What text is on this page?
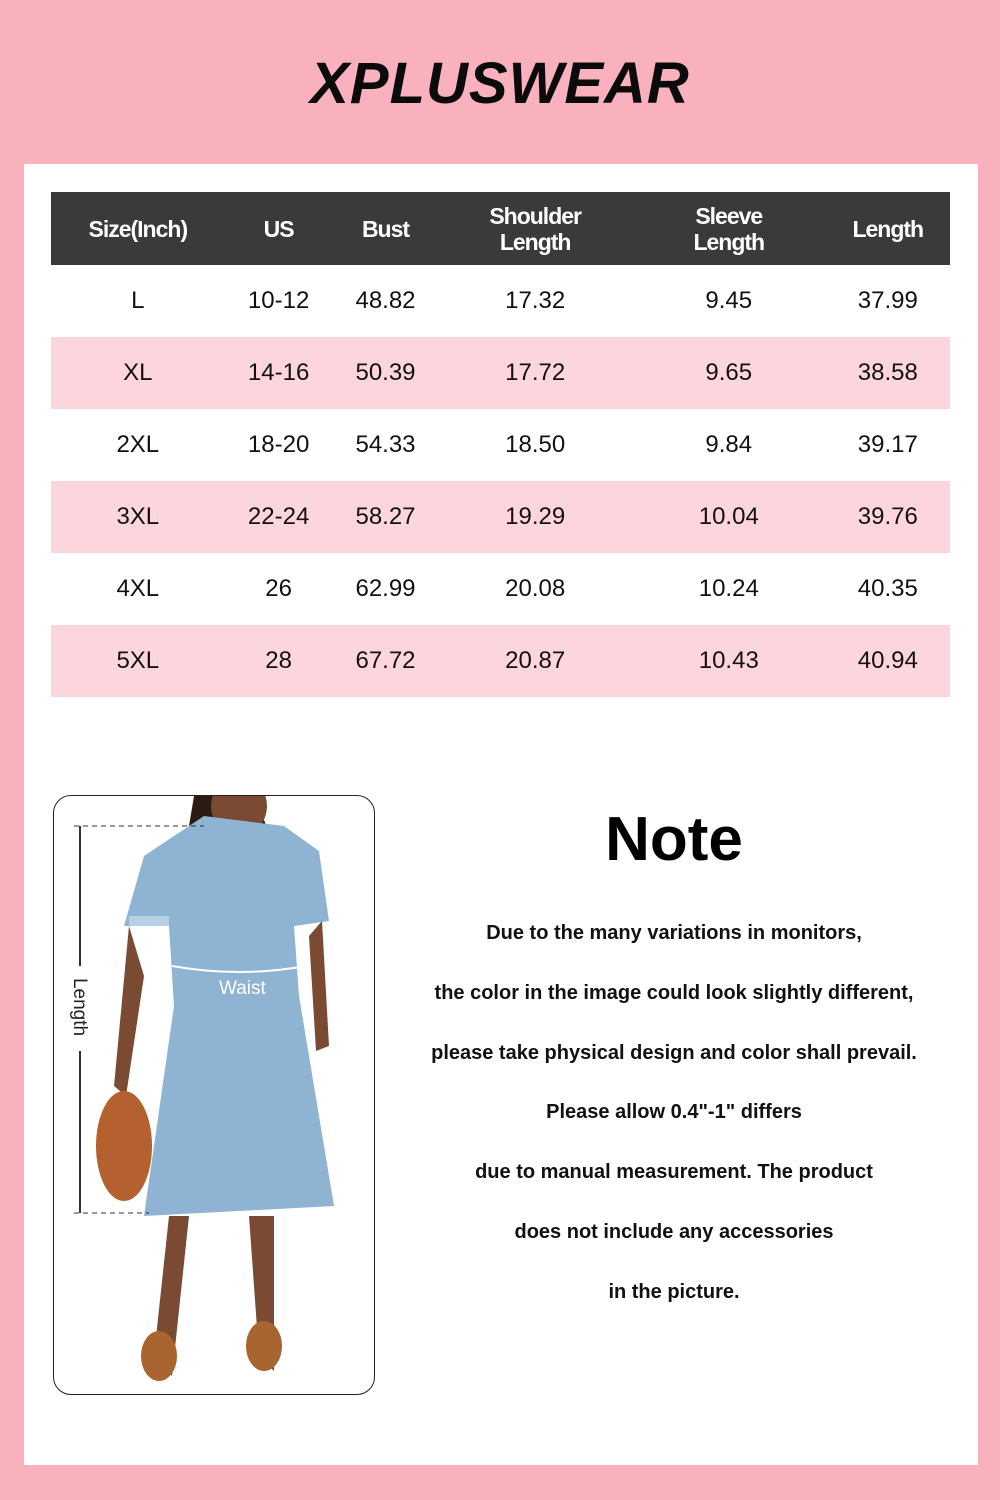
XPLUSWEAR
Size(Inch)	US	Bust	Shoulder Length	Sleeve Length	Length
L	10-12	48.82	17.32	9.45	37.99
XL	14-16	50.39	17.72	9.65	38.58
2XL	18-20	54.33	18.50	9.84	39.17
3XL	22-24	58.27	19.29	10.04	39.76
4XL	26	62.99	20.08	10.24	40.35
5XL	28	67.72	20.87	10.43	40.94
Length	Waist
Note
Due to the many variations in monitors,
the color in the image could look slightly different,
please take physical design and color shall prevail.
Please allow 0.4"-1" differs
due to manual measurement. The product
does not include any accessories
in the picture.
